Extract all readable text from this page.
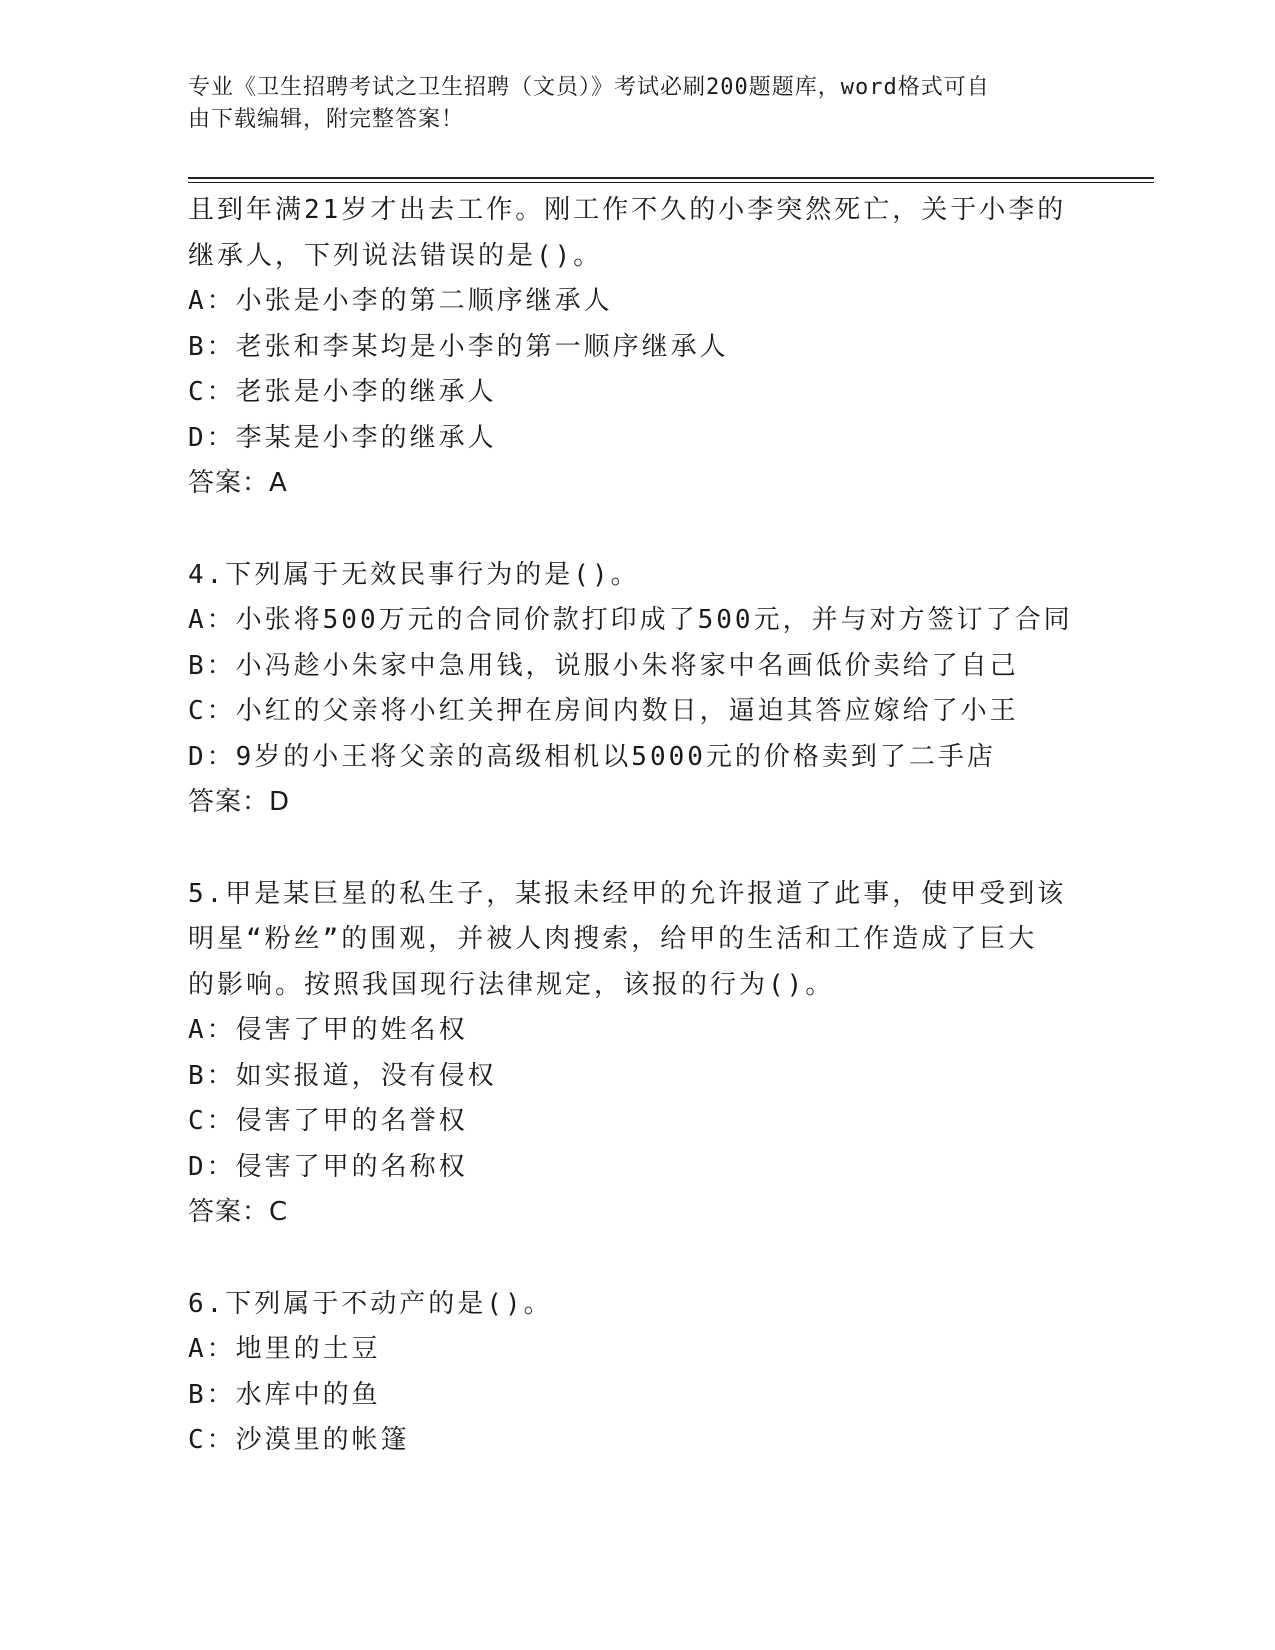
专业《卫生招聘考试之卫生招聘（文员）》考试必刷200题题库，word格式可自
由下载编辑，附完整答案！
且到年满21岁才出去工作。刚工作不久的小李突然死亡，关于小李的
继承人，下列说法错误的是()。
A：小张是小李的第二顺序继承人
B：老张和李某均是小李的第一顺序继承人
C：老张是小李的继承人
D：李某是小李的继承人
答案：A
4.下列属于无效民事行为的是()。
A：小张将500万元的合同价款打印成了500元，并与对方签订了合同
B：小冯趁小朱家中急用钱，说服小朱将家中名画低价卖给了自己
C：小红的父亲将小红关押在房间内数日，逼迫其答应嫁给了小王
D：9岁的小王将父亲的高级相机以5000元的价格卖到了二手店
答案：D
5.甲是某巨星的私生子，某报未经甲的允许报道了此事，使甲受到该
明星“粉丝”的围观，并被人肉搜索，给甲的生活和工作造成了巨大
的影响。按照我国现行法律规定，该报的行为()。
A：侵害了甲的姓名权
B：如实报道，没有侵权
C：侵害了甲的名誉权
D：侵害了甲的名称权
答案：C
6.下列属于不动产的是()。
A：地里的土豆
B：水库中的鱼
C：沙漠里的帐篷
